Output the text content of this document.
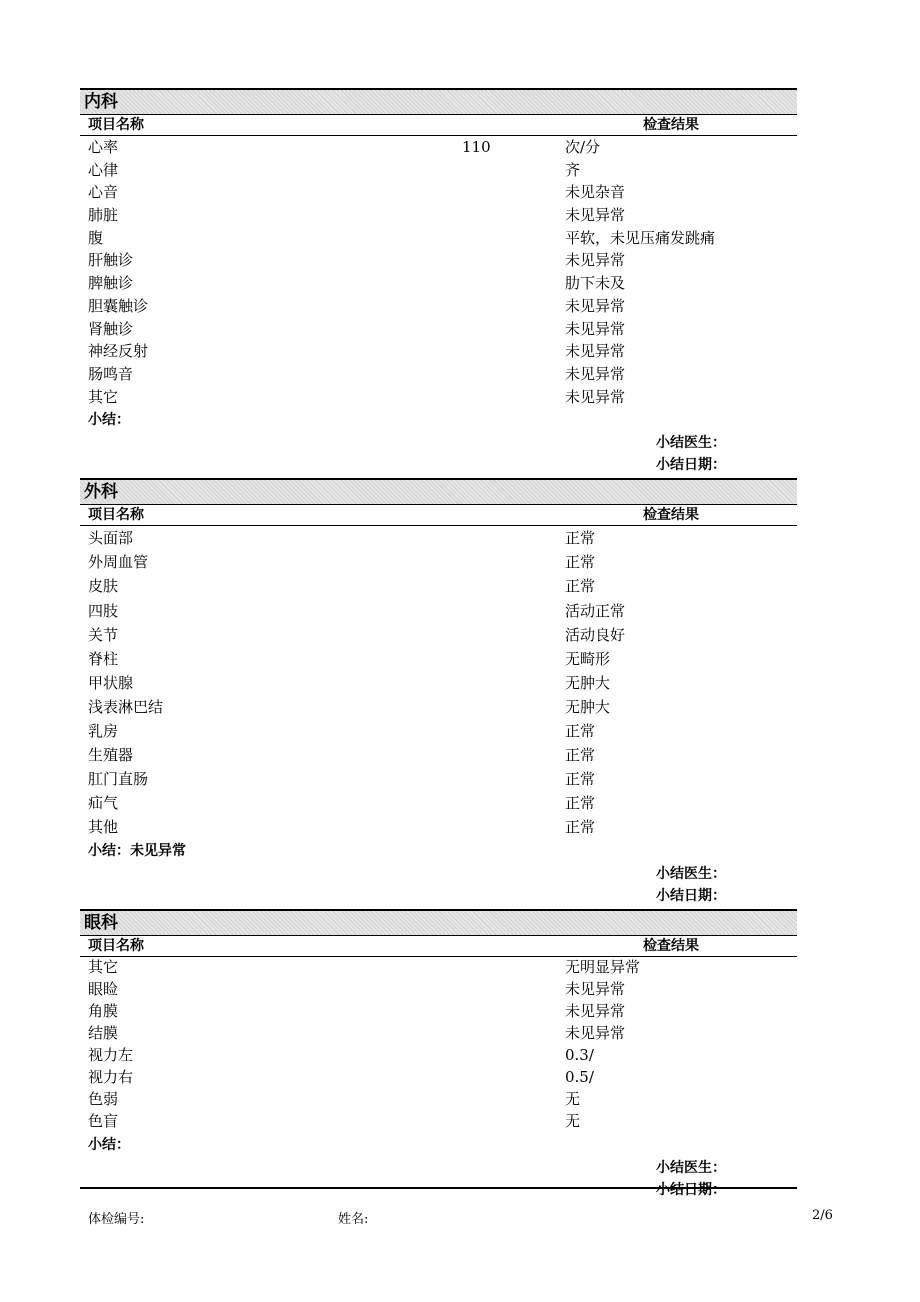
内科
项目名称	检查结果
心率	110	次/分
心律	齐
心音	未见杂音
肺脏	未见异常
腹	平软，未见压痛发跳痛
肝触诊	未见异常
脾触诊	肋下未及
胆囊触诊	未见异常
肾触诊	未见异常
神经反射	未见异常
肠鸣音	未见异常
其它	未见异常
小结：
小结医生：
小结日期：
外科
项目名称	检查结果
头面部	正常
外周血管	正常
皮肤	正常
四肢	活动正常
关节	活动良好
脊柱	无畸形
甲状腺	无肿大
浅表淋巴结	无肿大
乳房	正常
生殖器	正常
肛门直肠	正常
疝气	正常
其他	正常
小结：未见异常
小结医生：
小结日期：
眼科
项目名称	检查结果
其它	无明显异常
眼睑	未见异常
角膜	未见异常
结膜	未见异常
视力左	0.3/
视力右	0.5/
色弱	无
色盲	无
小结：
小结医生：
小结日期：
体检编号:	姓名:	2/6
